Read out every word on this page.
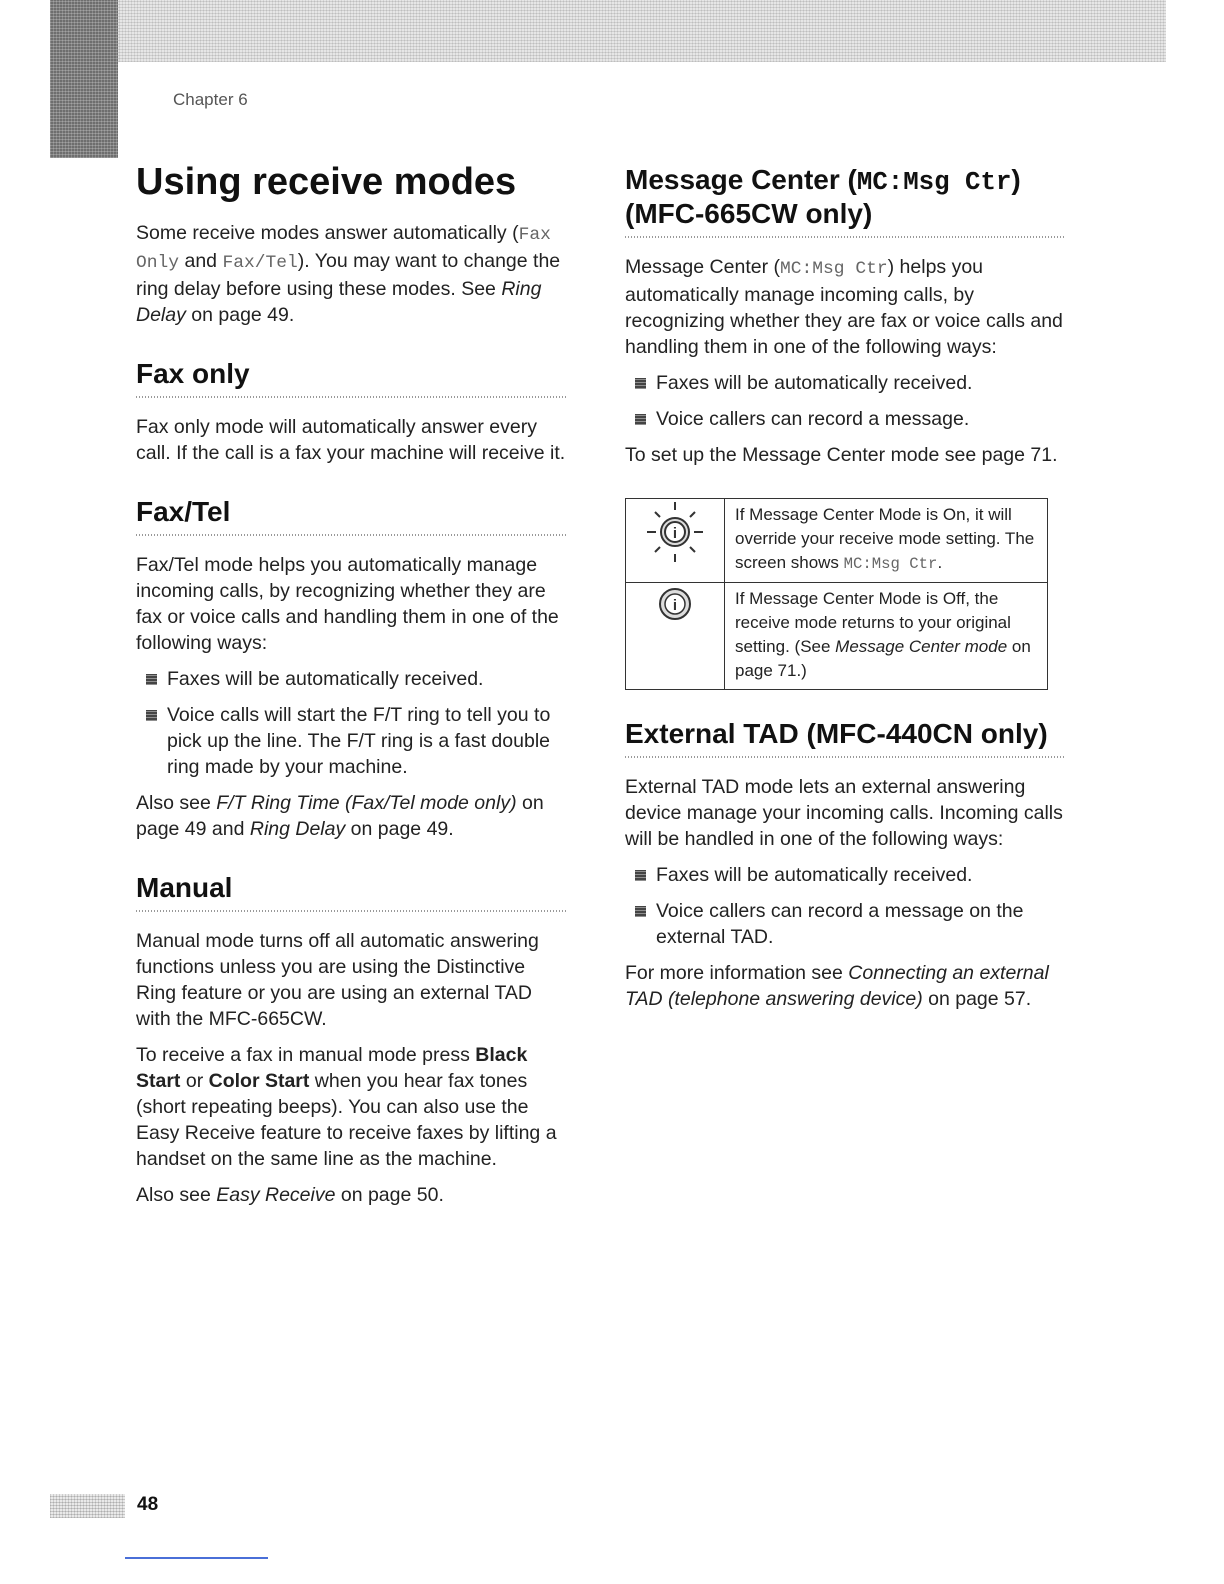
Chapter 6
Using receive modes

Some receive modes answer automatically (Fax Only and Fax/Tel). You may want to change the ring delay before using these modes. See Ring Delay on page 49.

Fax only

Fax only mode will automatically answer every call. If the call is a fax your machine will receive it.

Fax/Tel

Fax/Tel mode helps you automatically manage incoming calls, by recognizing whether they are fax or voice calls and handling them in one of the following ways:

Faxes will be automatically received.
Voice calls will start the F/T ring to tell you to pick up the line. The F/T ring is a fast double ring made by your machine.

Also see F/T Ring Time (Fax/Tel mode only) on page 49 and Ring Delay on page 49.

Manual

Manual mode turns off all automatic answering functions unless you are using the Distinctive Ring feature or you are using an external TAD with the MFC-665CW.

To receive a fax in manual mode press Black Start or Color Start when you hear fax tones (short repeating beeps). You can also use the Easy Receive feature to receive faxes by lifting a handset on the same line as the machine.

Also see Easy Receive on page 50.

Message Center (MC:Msg Ctr) (MFC-665CW only)

Message Center (MC:Msg Ctr) helps you automatically manage incoming calls, by recognizing whether they are fax or voice calls and handling them in one of the following ways:

Faxes will be automatically received.
Voice callers can record a message.

To set up the Message Center mode see page 71.

i	If Message Center Mode is On, it will override your receive mode setting. The screen shows MC:Msg Ctr.

i	If Message Center Mode is Off, the receive mode returns to your original setting. (See Message Center mode on page 71.)
External TAD (MFC-440CN only)

External TAD mode lets an external answering device manage your incoming calls. Incoming calls will be handled in one of the following ways:

Faxes will be automatically received.
Voice callers can record a message on the external TAD.

For more information see Connecting an external TAD (telephone answering device) on page 57.

48
